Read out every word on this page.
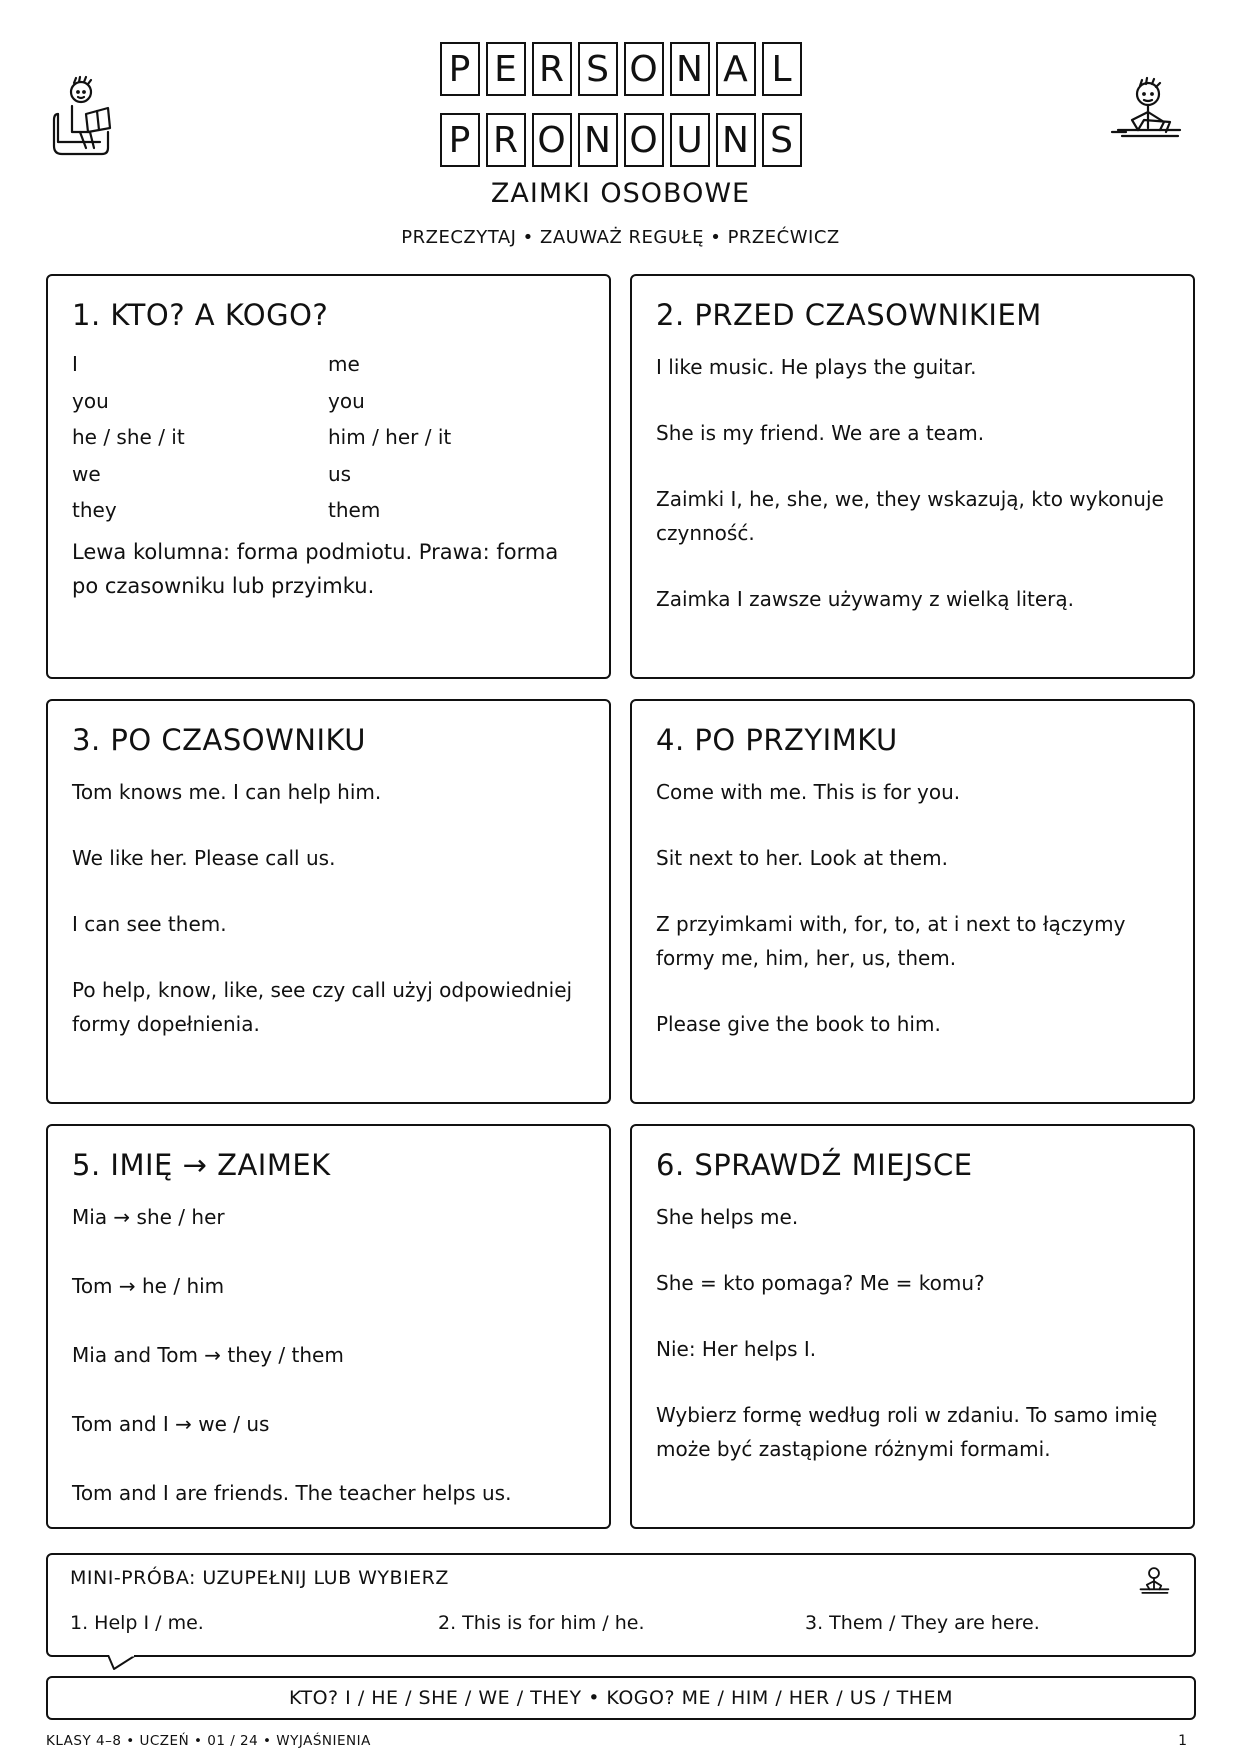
P E R S O N A L
P R O N O U N S
ZAIMKI OSOBOWE
PRZECZYTAJ • ZAUWAŻ REGUŁĘ • PRZEĆWICZ
1. KTO? A KOGO?
I	me
you	you
he / she / it	him / her / it
we	us
they	them
Lewa kolumna: forma podmiotu. Prawa: forma po czasowniku lub przyimku.
2. PRZED CZASOWNIKIEM

I like music. He plays the guitar.

She is my friend. We are a team.

Zaimki I, he, she, we, they wskazują, kto wykonuje czynność.

Zaimka I zawsze używamy z wielką literą.

3. PO CZASOWNIKU

Tom knows me. I can help him.

We like her. Please call us.

I can see them.

Po help, know, like, see czy call użyj odpowiedniej formy dopełnienia.

4. PO PRZYIMKU

Come with me. This is for you.

Sit next to her. Look at them.

Z przyimkami with, for, to, at i next to łączymy formy me, him, her, us, them.

Please give the book to him.

5. IMIĘ → ZAIMEK

Mia → she / her

Tom → he / him

Mia and Tom → they / them

Tom and I → we / us

Tom and I are friends. The teacher helps us.

6. SPRAWDŹ MIEJSCE

She helps me.

She = kto pomaga? Me = komu?

Nie: Her helps I.

Wybierz formę według roli w zdaniu. To samo imię może być zastąpione różnymi formami.

MINI-PRÓBA: UZUPEŁNIJ LUB WYBIERZ
1. Help I / me.	2. This is for him / he.	3. Them / They are here.
KTO? I / HE / SHE / WE / THEY • KOGO? ME / HIM / HER / US / THEM
KLASY 4–8 • UCZEŃ • 01 / 24 • WYJAŚNIENIA	1
